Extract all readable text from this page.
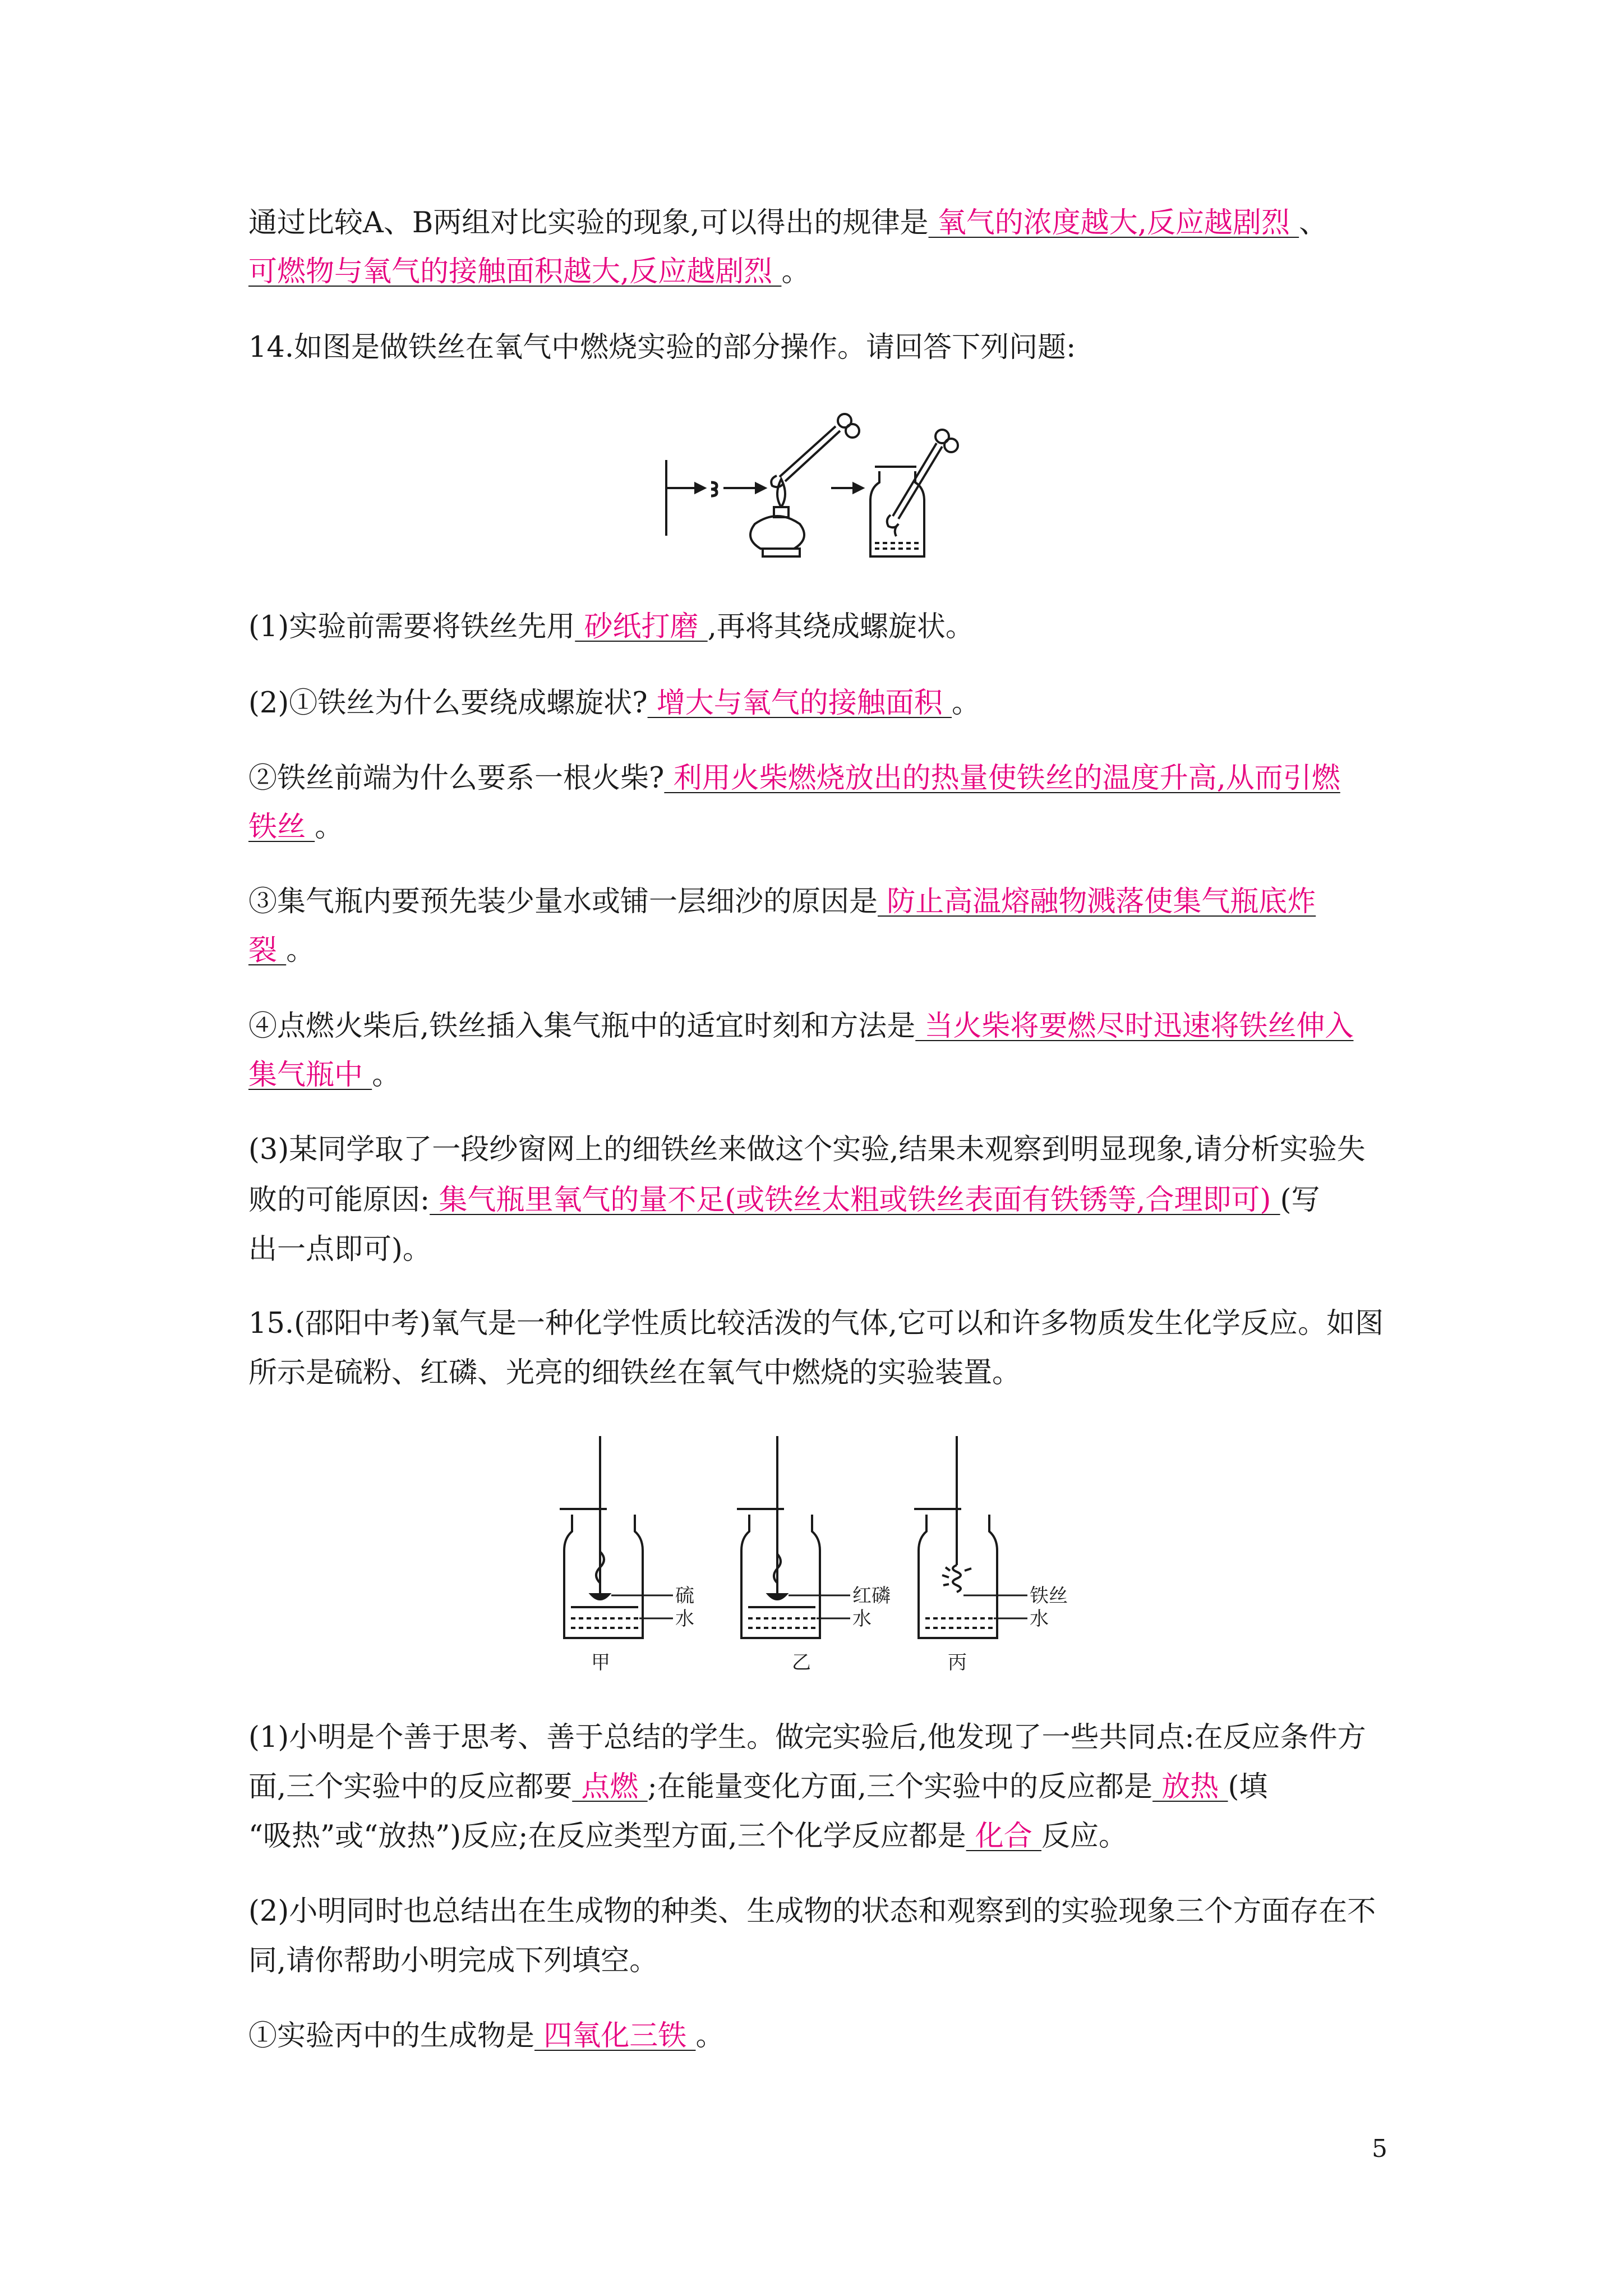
通过比较A、B两组对比实验的现象,可以得出的规律是 氧气的浓度越大,反应越剧烈 、
可燃物与氧气的接触面积越大,反应越剧烈 。
14.如图是做铁丝在氧气中燃烧实验的部分操作。请回答下列问题:
(1)实验前需要将铁丝先用 砂纸打磨 ,再将其绕成螺旋状。
(2)①铁丝为什么要绕成螺旋状? 增大与氧气的接触面积 。
②铁丝前端为什么要系一根火柴? 利用火柴燃烧放出的热量使铁丝的温度升高,从而引燃
铁丝 。
③集气瓶内要预先装少量水或铺一层细沙的原因是 防止高温熔融物溅落使集气瓶底炸
裂 。
④点燃火柴后,铁丝插入集气瓶中的适宜时刻和方法是 当火柴将要燃尽时迅速将铁丝伸入
集气瓶中 。
(3)某同学取了一段纱窗网上的细铁丝来做这个实验,结果未观察到明显现象,请分析实验失
败的可能原因: 集气瓶里氧气的量不足(或铁丝太粗或铁丝表面有铁锈等,合理即可) (写
出一点即可)。
15.(邵阳中考)氧气是一种化学性质比较活泼的气体,它可以和许多物质发生化学反应。如图
所示是硫粉、红磷、光亮的细铁丝在氧气中燃烧的实验装置。
硫
水
甲
红磷
水
乙
铁丝
水
丙
(1)小明是个善于思考、善于总结的学生。做完实验后,他发现了一些共同点:在反应条件方
面,三个实验中的反应都要 点燃 ;在能量变化方面,三个实验中的反应都是 放热 (填
“吸热”或“放热”)反应;在反应类型方面,三个化学反应都是 化合 反应。
(2)小明同时也总结出在生成物的种类、生成物的状态和观察到的实验现象三个方面存在不
同,请你帮助小明完成下列填空。
①实验丙中的生成物是 四氧化三铁 。
5
